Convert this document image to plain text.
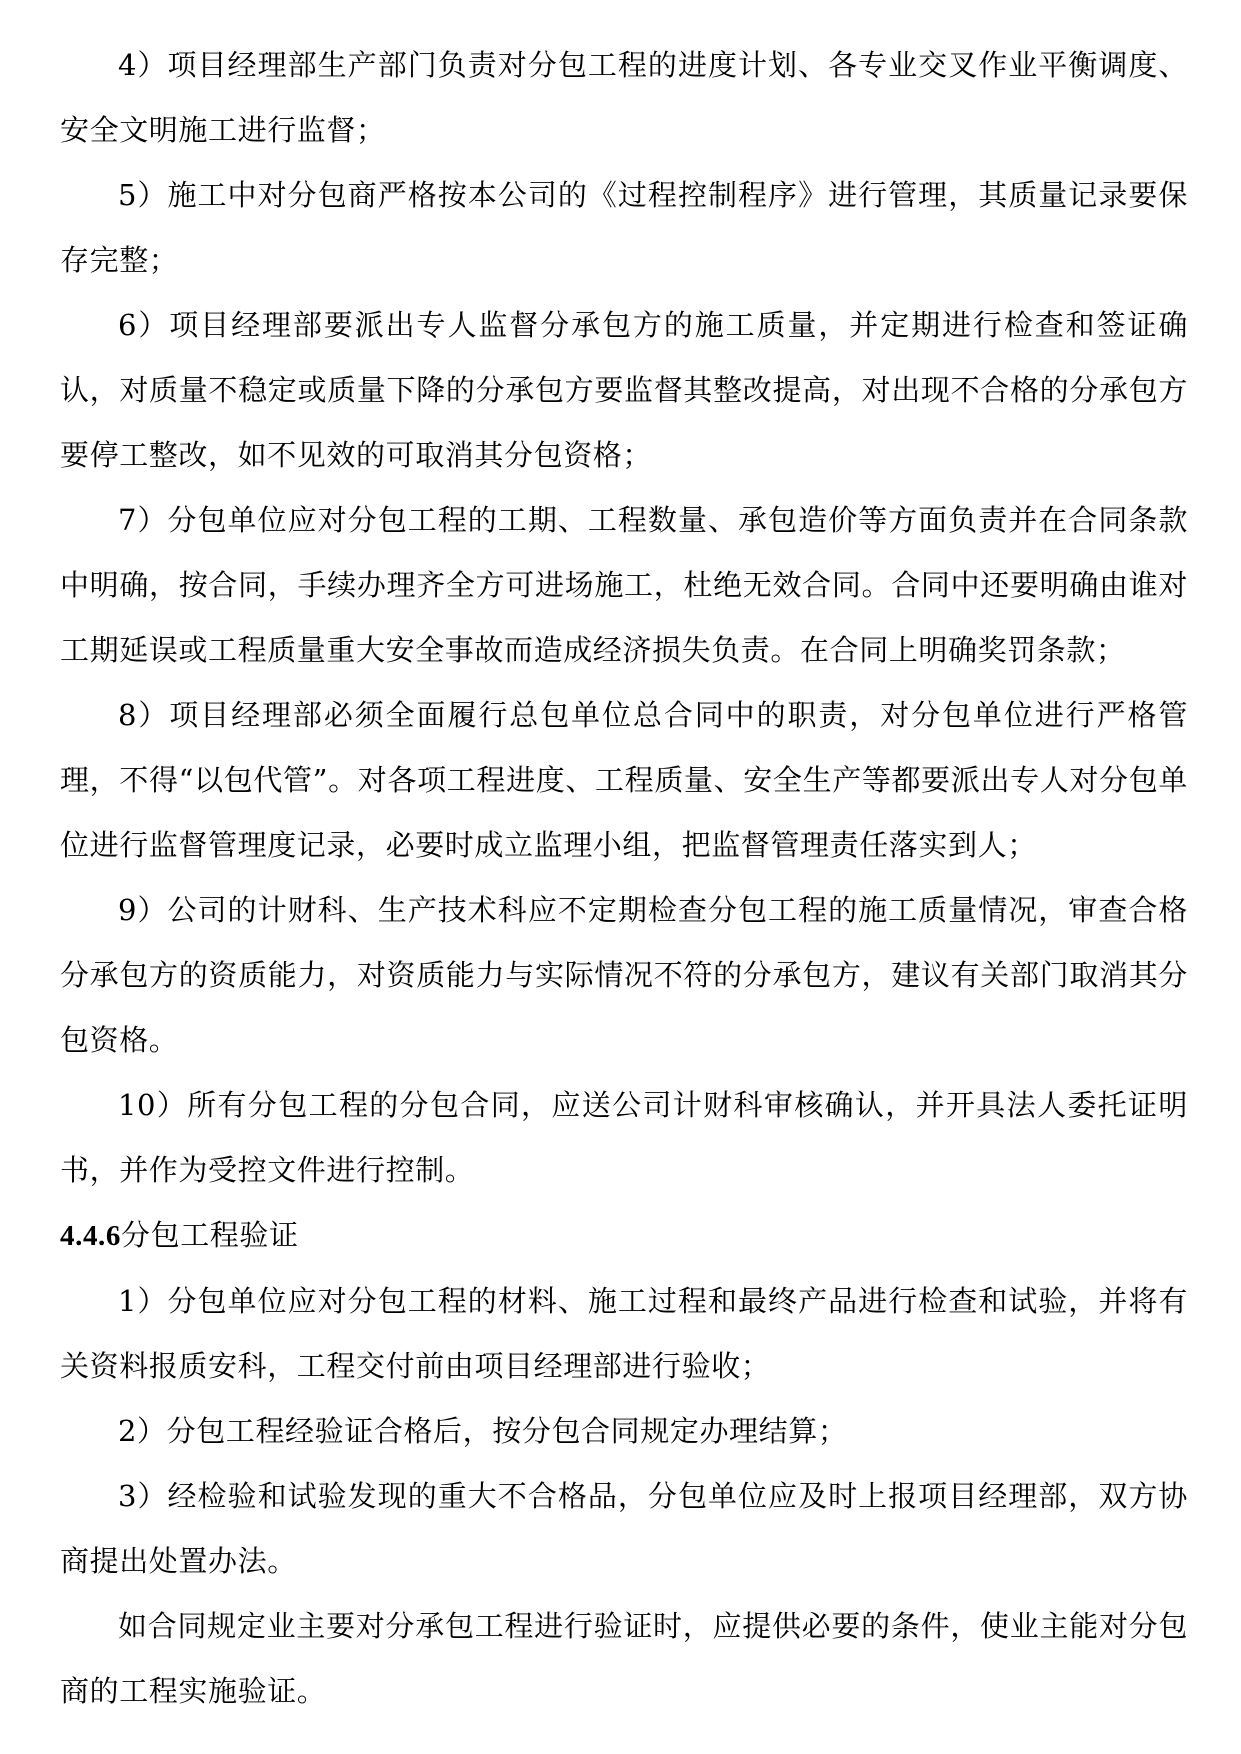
4）项目经理部生产部门负责对分包工程的进度计划、各专业交叉作业平衡调度、安全文明施工进行监督；

5）施工中对分包商严格按本公司的《过程控制程序》进行管理，其质量记录要保存完整；

6）项目经理部要派出专人监督分承包方的施工质量，并定期进行检查和签证确认，对质量不稳定或质量下降的分承包方要监督其整改提高，对出现不合格的分承包方要停工整改，如不见效的可取消其分包资格；

7）分包单位应对分包工程的工期、工程数量、承包造价等方面负责并在合同条款中明确，按合同，手续办理齐全方可进场施工，杜绝无效合同。合同中还要明确由谁对工期延误或工程质量重大安全事故而造成经济损失负责。在合同上明确奖罚条款；

8）项目经理部必须全面履行总包单位总合同中的职责，对分包单位进行严格管理，不得“以包代管”。对各项工程进度、工程质量、安全生产等都要派出专人对分包单位进行监督管理度记录，必要时成立监理小组，把监督管理责任落实到人；

9）公司的计财科、生产技术科应不定期检查分包工程的施工质量情况，审查合格分承包方的资质能力，对资质能力与实际情况不符的分承包方，建议有关部门取消其分包资格。

10）所有分包工程的分包合同，应送公司计财科审核确认，并开具法人委托证明书，并作为受控文件进行控制。

4.4.6分包工程验证

1）分包单位应对分包工程的材料、施工过程和最终产品进行检查和试验，并将有关资料报质安科，工程交付前由项目经理部进行验收；

2）分包工程经验证合格后，按分包合同规定办理结算；

3）经检验和试验发现的重大不合格品，分包单位应及时上报项目经理部，双方协商提出处置办法。

如合同规定业主要对分承包工程进行验证时，应提供必要的条件，使业主能对分包商的工程实施验证。
